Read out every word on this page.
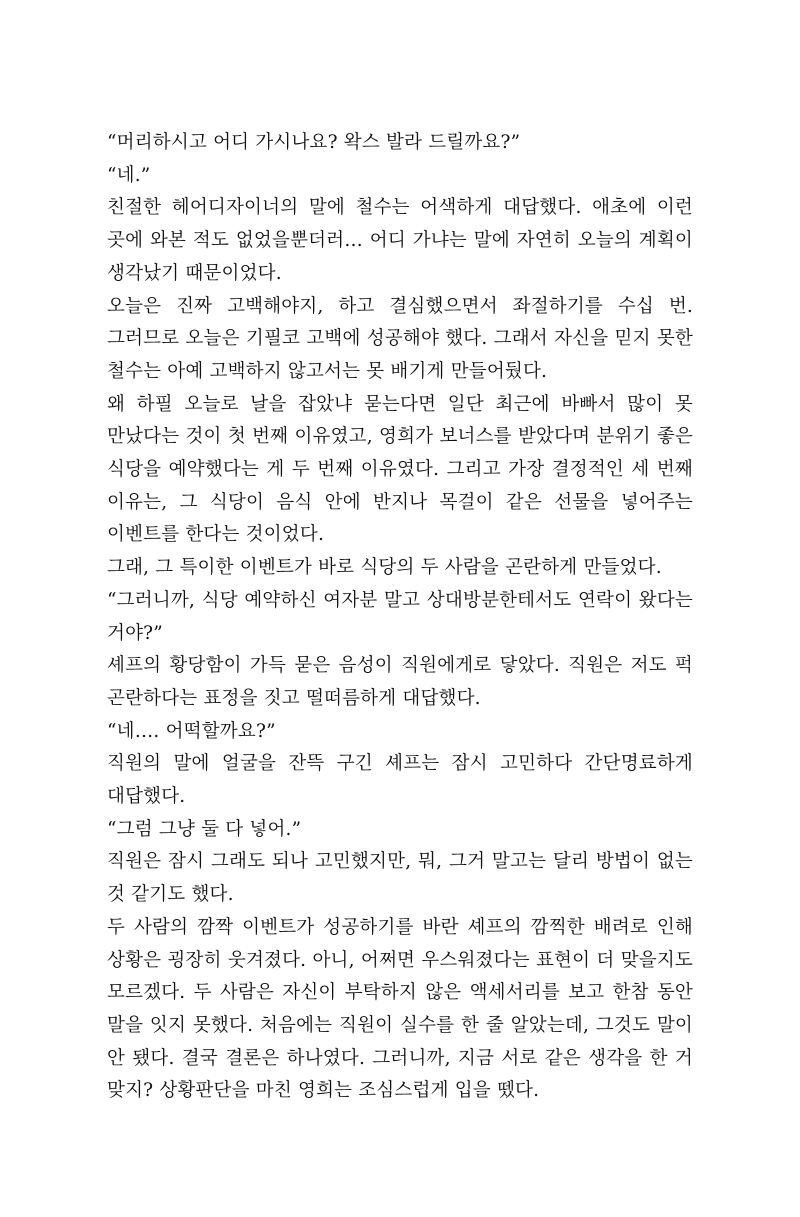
“머리하시고 어디 가시나요? 왁스 발라 드릴까요?”

“네.”

친절한 헤어디자이너의 말에 철수는 어색하게 대답했다. 애초에 이런 곳에 와본 적도 없었을뿐더러… 어디 가냐는 말에 자연히 오늘의 계획이 생각났기 때문이었다.

오늘은 진짜 고백해야지, 하고 결심했으면서 좌절하기를 수십 번. 그러므로 오늘은 기필코 고백에 성공해야 했다. 그래서 자신을 믿지 못한 철수는 아예 고백하지 않고서는 못 배기게 만들어뒀다.

왜 하필 오늘로 날을 잡았냐 묻는다면 일단 최근에 바빠서 많이 못 만났다는 것이 첫 번째 이유였고, 영희가 보너스를 받았다며 분위기 좋은 식당을 예약했다는 게 두 번째 이유였다. 그리고 가장 결정적인 세 번째 이유는, 그 식당이 음식 안에 반지나 목걸이 같은 선물을 넣어주는 이벤트를 한다는 것이었다.

그래, 그 특이한 이벤트가 바로 식당의 두 사람을 곤란하게 만들었다.

“그러니까, 식당 예약하신 여자분 말고 상대방분한테서도 연락이 왔다는 거야?”

셰프의 황당함이 가득 묻은 음성이 직원에게로 닿았다. 직원은 저도 퍽 곤란하다는 표정을 짓고 떨떠름하게 대답했다.

“네…. 어떡할까요?”

직원의 말에 얼굴을 잔뜩 구긴 셰프는 잠시 고민하다 간단명료하게 대답했다.

“그럼 그냥 둘 다 넣어.”

직원은 잠시 그래도 되나 고민했지만, 뭐, 그거 말고는 달리 방법이 없는 것 같기도 했다.

두 사람의 깜짝 이벤트가 성공하기를 바란 셰프의 깜찍한 배려로 인해 상황은 굉장히 웃겨졌다. 아니, 어쩌면 우스워졌다는 표현이 더 맞을지도 모르겠다. 두 사람은 자신이 부탁하지 않은 액세서리를 보고 한참 동안 말을 잇지 못했다. 처음에는 직원이 실수를 한 줄 알았는데, 그것도 말이 안 됐다. 결국 결론은 하나였다. 그러니까, 지금 서로 같은 생각을 한 거 맞지? 상황판단을 마친 영희는 조심스럽게 입을 뗐다.
